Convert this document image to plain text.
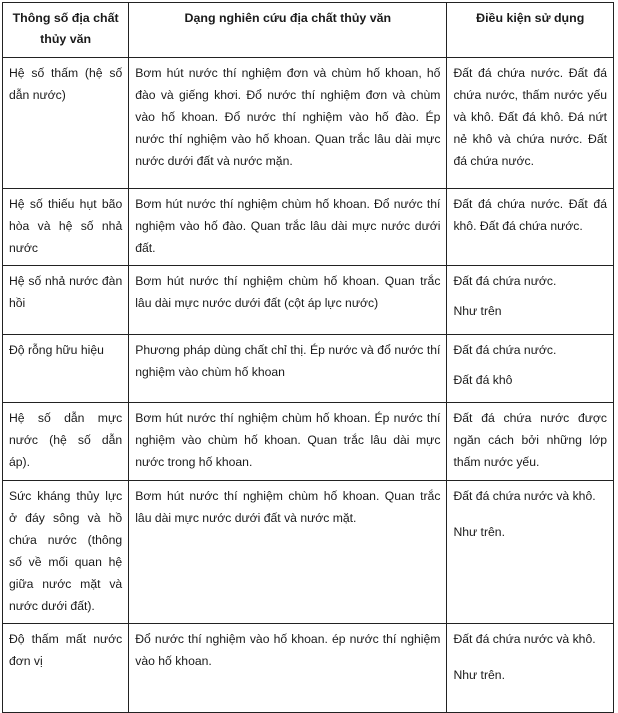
Thông số địa chất thủy văn	Dạng nghiên cứu địa chất thủy văn	Điều kiện sử dụng
Hệ số thấm (hệ số dẫn nước)	Bơm hút nước thí nghiệm đơn và chùm hố khoan, hố đào và giếng khơi. Đổ nước thí nghiệm đơn và chùm vào hố khoan. Đổ nước thí nghiệm vào hố đào. Ép nước thí nghiệm vào hố khoan. Quan trắc lâu dài mực nước dưới đất và nước mặn.	Đất đá chứa nước. Đất đá chứa nước, thấm nước yếu và khô. Đất đá khô. Đá nứt nẻ khô và chứa nước. Đất đá chứa nước.

Hệ số thiếu hụt bão hòa và hệ số nhả nước	Bơm hút nước thí nghiệm chùm hố khoan. Đổ nước thí nghiệm vào hố đào. Quan trắc lâu dài mực nước dưới đất.	Đất đá chứa nước. Đất đá khô. Đất đá chứa nước.

Hệ số nhả nước đàn hồi	Bơm hút nước thí nghiệm chùm hố khoan. Quan trắc lâu dài mực nước dưới đất (cột áp lực nước)	Đất đá chứa nước.
Như trên

Độ rỗng hữu hiệu	Phương pháp dùng chất chỉ thị. Ép nước và đổ nước thí nghiệm vào chùm hố khoan	Đất đá chứa nước.
Đất đá khô

Hệ số dẫn mực nước (hệ số dẫn áp).	Bơm hút nước thí nghiệm chùm hố khoan. Ép nước thí nghiệm vào chùm hố khoan. Quan trắc lâu dài mực nước trong hố khoan.	Đất đá chứa nước được ngăn cách bởi những lớp thấm nước yếu.

Sức kháng thủy lực ở đáy sông và hồ chứa nước (thông số về mối quan hệ giữa nước mặt và nước dưới đất).	Bơm hút nước thí nghiệm chùm hố khoan. Quan trắc lâu dài mực nước dưới đất và nước mặt.	Đất đá chứa nước và khô.
Như trên.

Độ thấm mất nước đơn vị	Đổ nước thí nghiệm vào hố khoan. ép nước thí nghiệm vào hố khoan.	Đất đá chứa nước và khô.
Như trên.
